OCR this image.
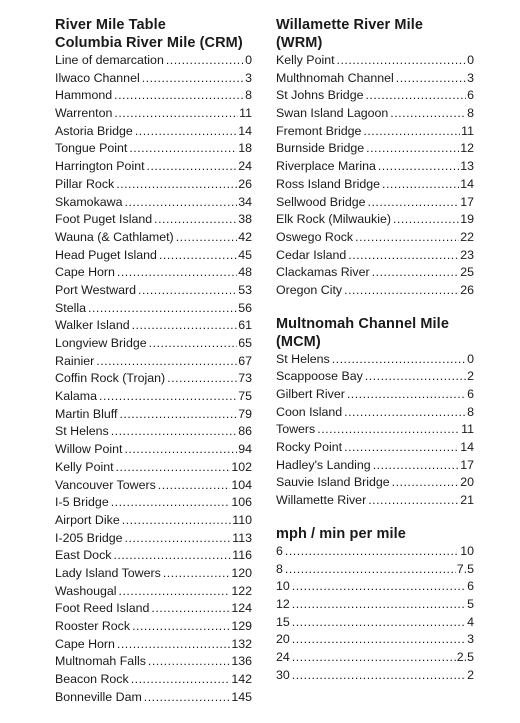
River Mile Table
Columbia River Mile (CRM)
Line of demarcation .....	0
Ilwaco Channel .....	3
Hammond .....	8
Warrenton .....	11
Astoria Bridge .....	14
Tongue Point .....	18
Harrington Point .....	24
Pillar Rock .....	26
Skamokawa .....	34
Foot Puget Island .....	38
Wauna (& Cathlamet) .....	42
Head Puget Island .....	45
Cape Horn .....	48
Port Westward .....	53
Stella .....	56
Walker Island .....	61
Longview Bridge .....	65
Rainier .....	67
Coffin Rock (Trojan) .....	73
Kalama .....	75
Martin Bluff .....	79
St Helens .....	86
Willow Point .....	94
Kelly Point .....	102
Vancouver Towers .....	104
I-5 Bridge .....	106
Airport Dike .....	110
I-205 Bridge .....	113
East Dock .....	116
Lady Island Towers .....	120
Washougal .....	122
Foot Reed Island .....	124
Rooster Rock .....	129
Cape Horn .....	132
Multnomah Falls .....	136
Beacon Rock .....	142
Bonneville Dam .....	145
Willamette River Mile
(WRM)
Kelly Point .....	0
Multhnomah Channel .....	3
St Johns Bridge .....	6
Swan Island Lagoon .....	8
Fremont Bridge .....	11
Burnside Bridge .....	12
Riverplace Marina .....	13
Ross Island Bridge .....	14
Sellwood Bridge .....	17
Elk Rock (Milwaukie) .....	19
Oswego Rock .....	22
Cedar Island .....	23
Clackamas River .....	25
Oregon City .....	26
Multnomah Channel Mile
(MCM)
St Helens .....	0
Scappoose Bay .....	2
Gilbert River .....	6
Coon Island .....	8
Towers .....	11
Rocky Point .....	14
Hadley's Landing .....	17
Sauvie Island Bridge .....	20
Willamette River .....	21
mph / min per mile
6 .....	10
8 .....	7.5
10 .....	6
12 .....	5
15 .....	4
20 .....	3
24 .....	2.5
30 .....	2
